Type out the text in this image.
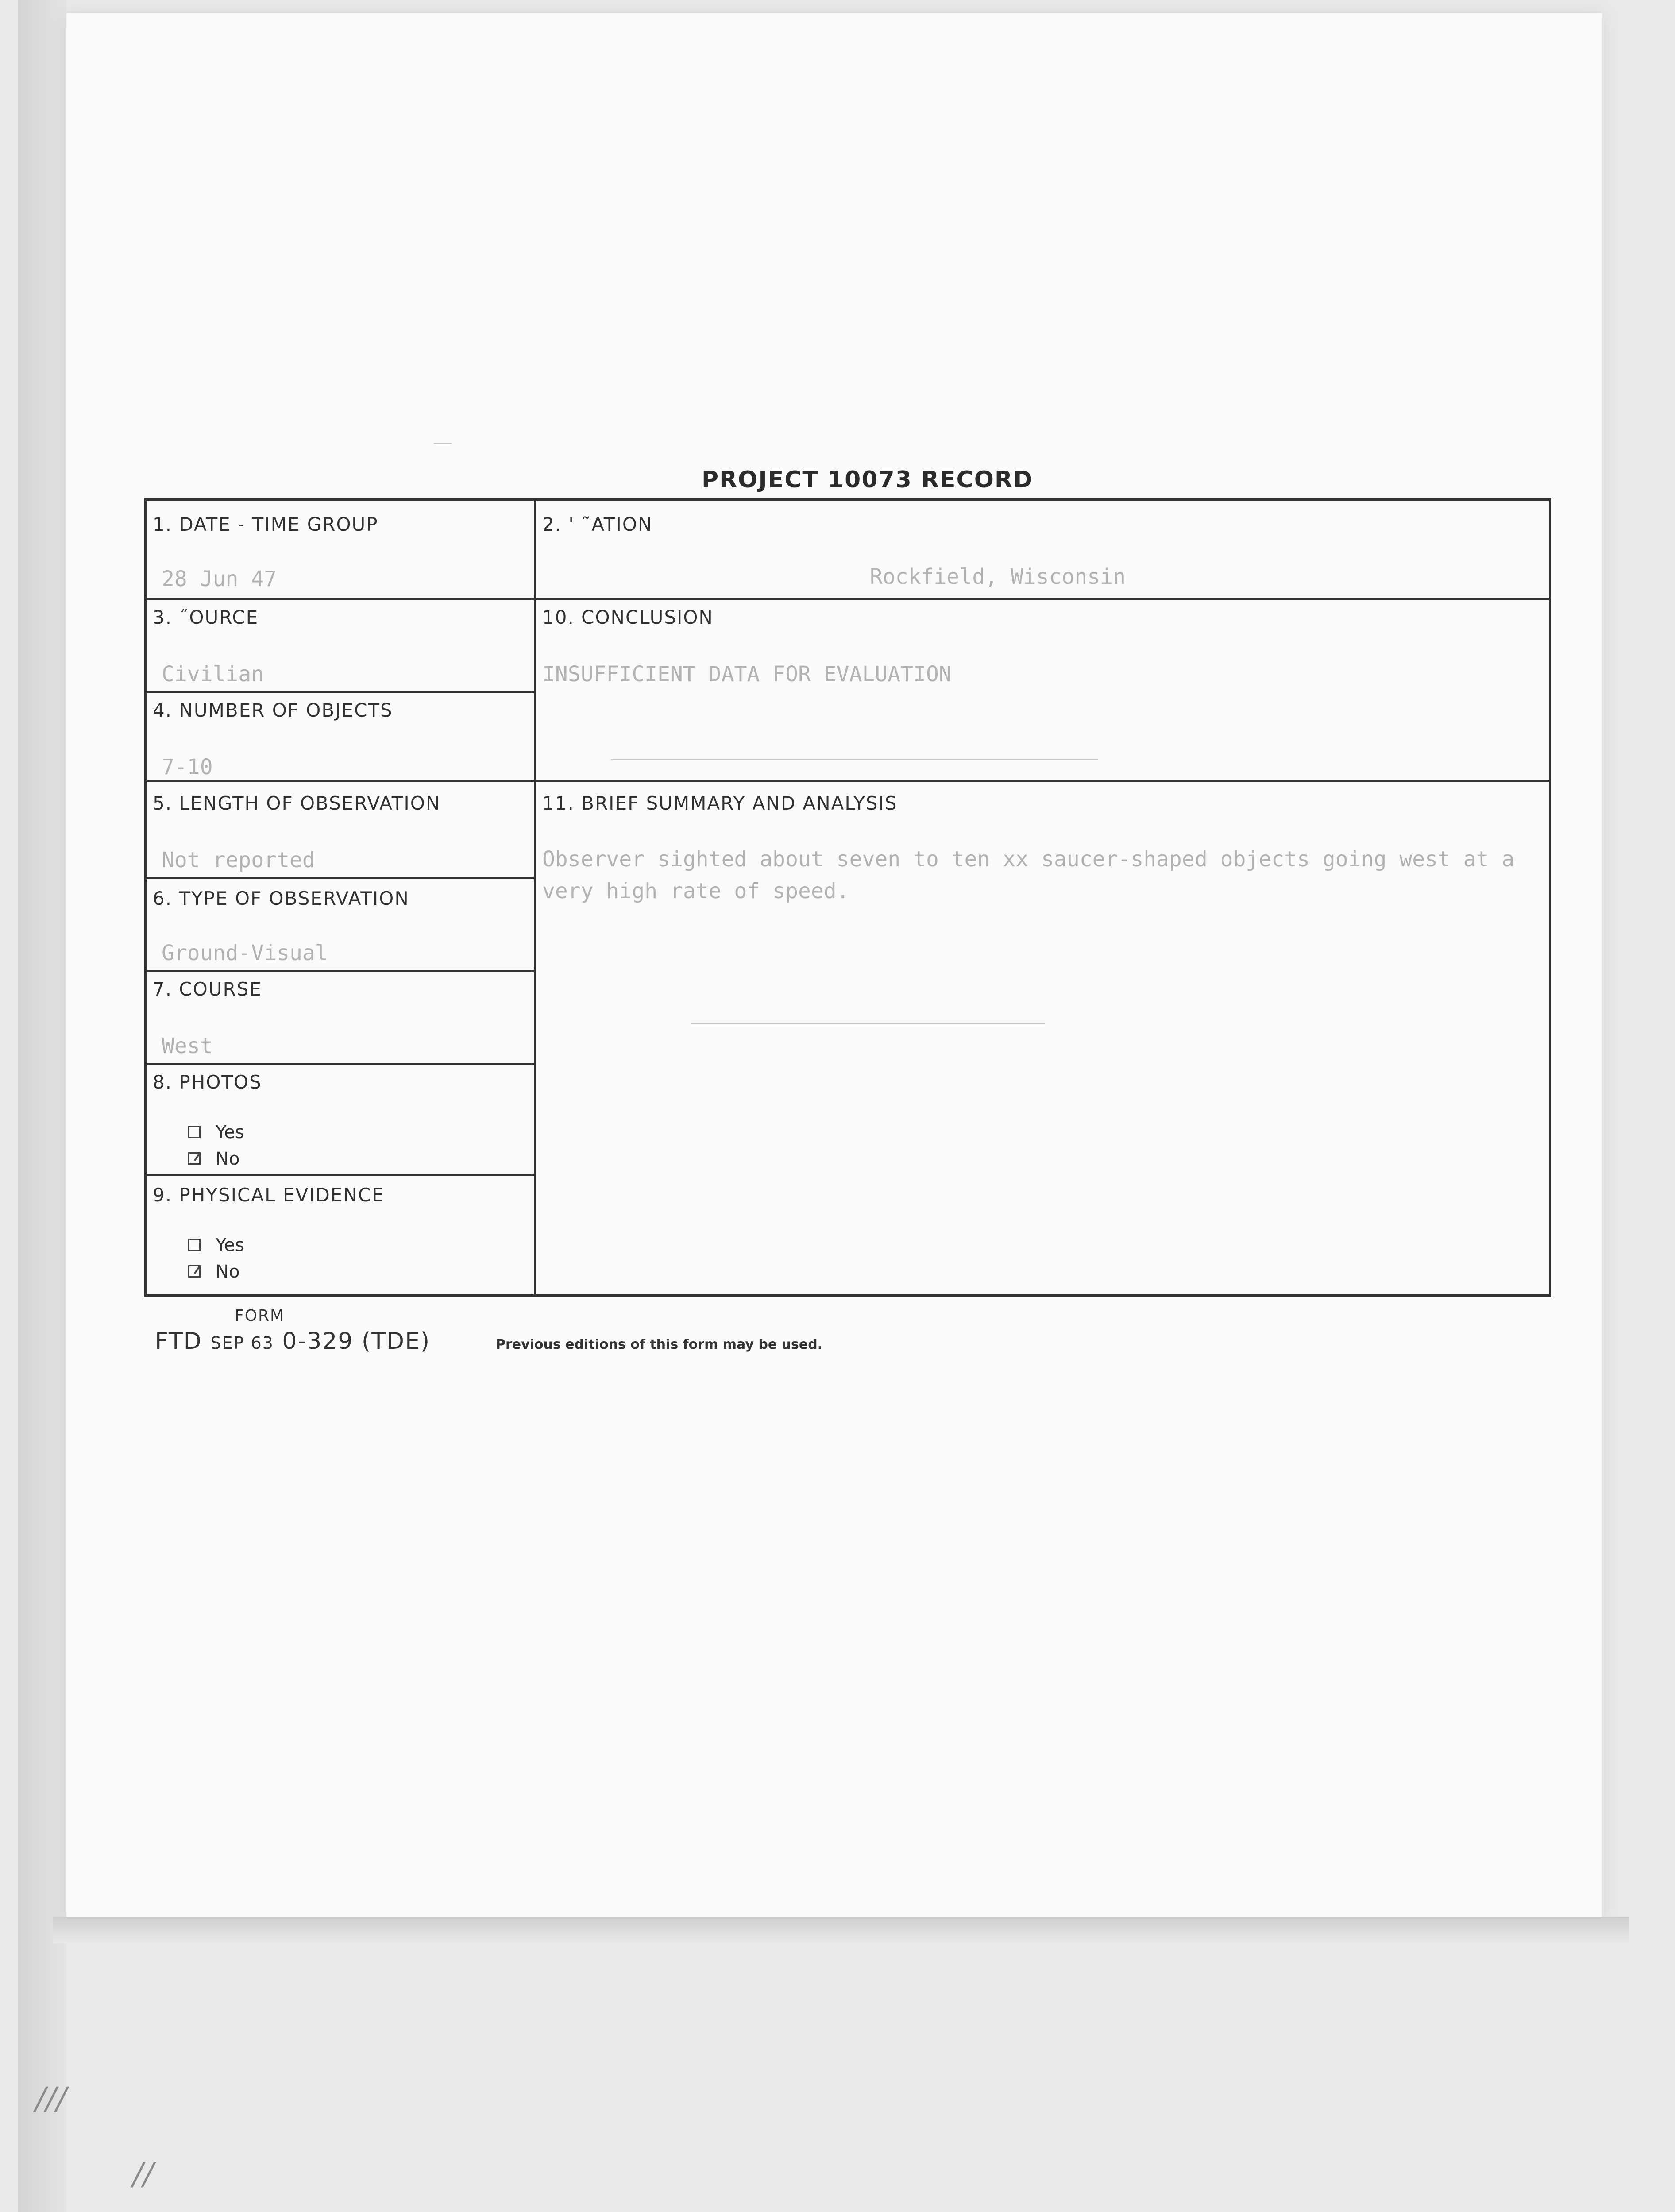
PROJECT 10073 RECORD
1. DATE - TIME GROUP
28 Jun 47
2. ' ˜ATION
Rockfield, Wisconsin
3. ˝OURCE
Civilian
10. CONCLUSION
INSUFFICIENT DATA FOR EVALUATION
4. NUMBER OF OBJECTS
7-10
5. LENGTH OF OBSERVATION
Not reported
11. BRIEF SUMMARY AND ANALYSIS
Observer sighted about seven to ten xx saucer-shaped objects going west at a very high rate of speed.
6. TYPE OF OBSERVATION
Ground-Visual
7. COURSE
West
8. PHOTOS
Yes
No
9. PHYSICAL EVIDENCE
Yes
No
FORM
FTD SEP 63 0-329 (TDE)	Previous editions of this form may be used.
///
//
